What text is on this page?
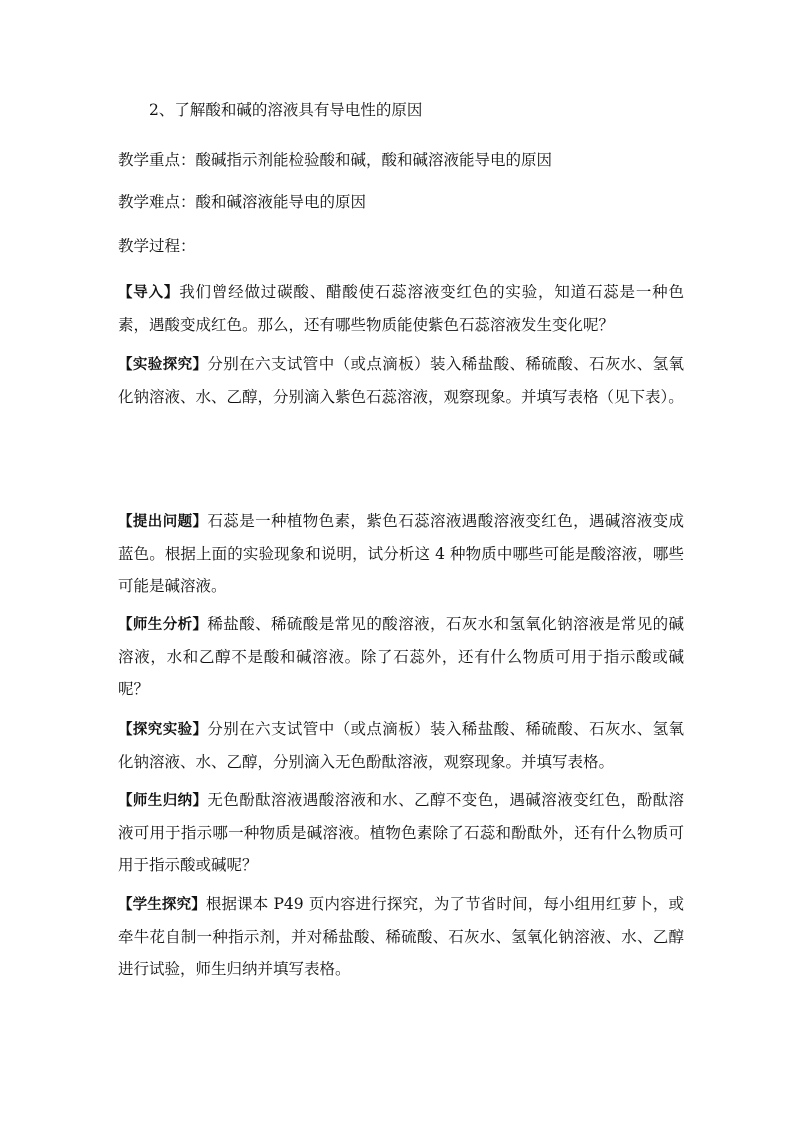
2、了解酸和碱的溶液具有导电性的原因

教学重点：酸碱指示剂能检验酸和碱，酸和碱溶液能导电的原因

教学难点：酸和碱溶液能导电的原因

教学过程：

【导入】我们曾经做过碳酸、醋酸使石蕊溶液变红色的实验，知道石蕊是一种色素，遇酸变成红色。那么，还有哪些物质能使紫色石蕊溶液发生变化呢？

【实验探究】分别在六支试管中（或点滴板）装入稀盐酸、稀硫酸、石灰水、氢氧化钠溶液、水、乙醇，分别滴入紫色石蕊溶液，观察现象。并填写表格（见下表）。

【提出问题】石蕊是一种植物色素，紫色石蕊溶液遇酸溶液变红色，遇碱溶液变成蓝色。根据上面的实验现象和说明，试分析这 4 种物质中哪些可能是酸溶液，哪些可能是碱溶液。

【师生分析】稀盐酸、稀硫酸是常见的酸溶液，石灰水和氢氧化钠溶液是常见的碱溶液，水和乙醇不是酸和碱溶液。除了石蕊外，还有什么物质可用于指示酸或碱呢？

【探究实验】分别在六支试管中（或点滴板）装入稀盐酸、稀硫酸、石灰水、氢氧化钠溶液、水、乙醇，分别滴入无色酚酞溶液，观察现象。并填写表格。

【师生归纳】无色酚酞溶液遇酸溶液和水、乙醇不变色，遇碱溶液变红色，酚酞溶液可用于指示哪一种物质是碱溶液。植物色素除了石蕊和酚酞外，还有什么物质可用于指示酸或碱呢？

【学生探究】根据课本 P49 页内容进行探究，为了节省时间，每小组用红萝卜，或牵牛花自制一种指示剂，并对稀盐酸、稀硫酸、石灰水、氢氧化钠溶液、水、乙醇进行试验，师生归纳并填写表格。
